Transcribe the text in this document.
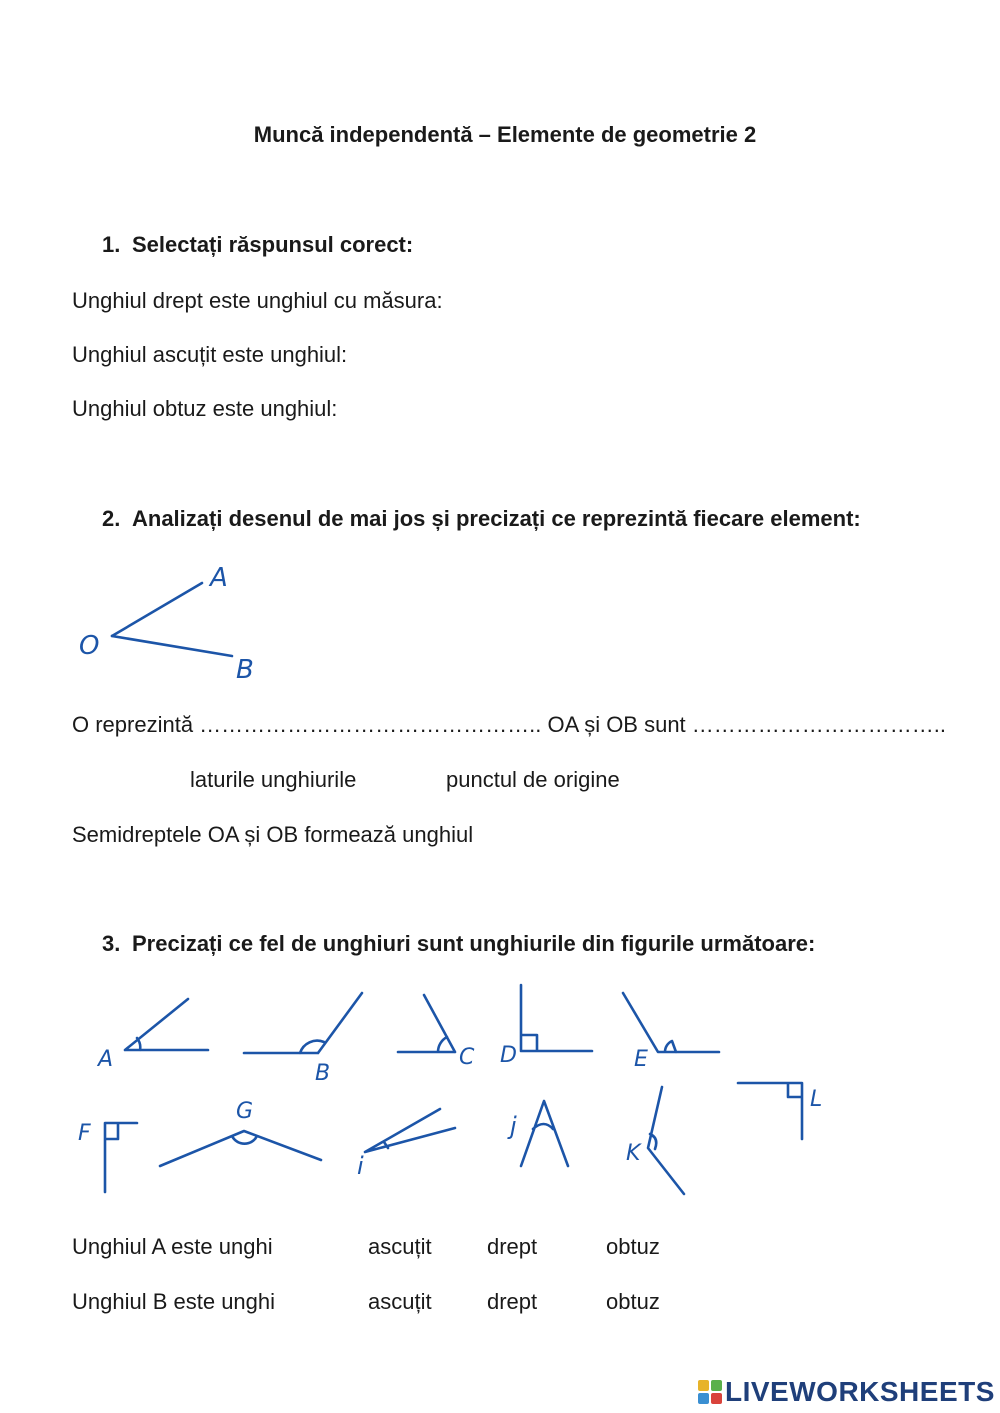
Muncă independentă – Elemente de geometrie 2
1. Selectați răspunsul corect:
Unghiul drept este unghiul cu măsura:
Unghiul ascuțit este unghiul:
Unghiul obtuz este unghiul:
2. Analizați desenul de mai jos și precizați ce reprezintă fiecare element:
O reprezintă ……………………………………….. OA și OB sunt ……………………………..
laturile unghiurile	punctul de origine
Semidreptele OA și OB formează unghiul
3. Precizați ce fel de unghiuri sunt unghiurile din figurile următoare:
Unghiul A este unghi	ascuțit	drept	obtuz
Unghiul B este unghi	ascuțit	drept	obtuz
O
A
B
A
B
C D	E
F
G
i
j
K
L
LIVEWORKSHEETS
